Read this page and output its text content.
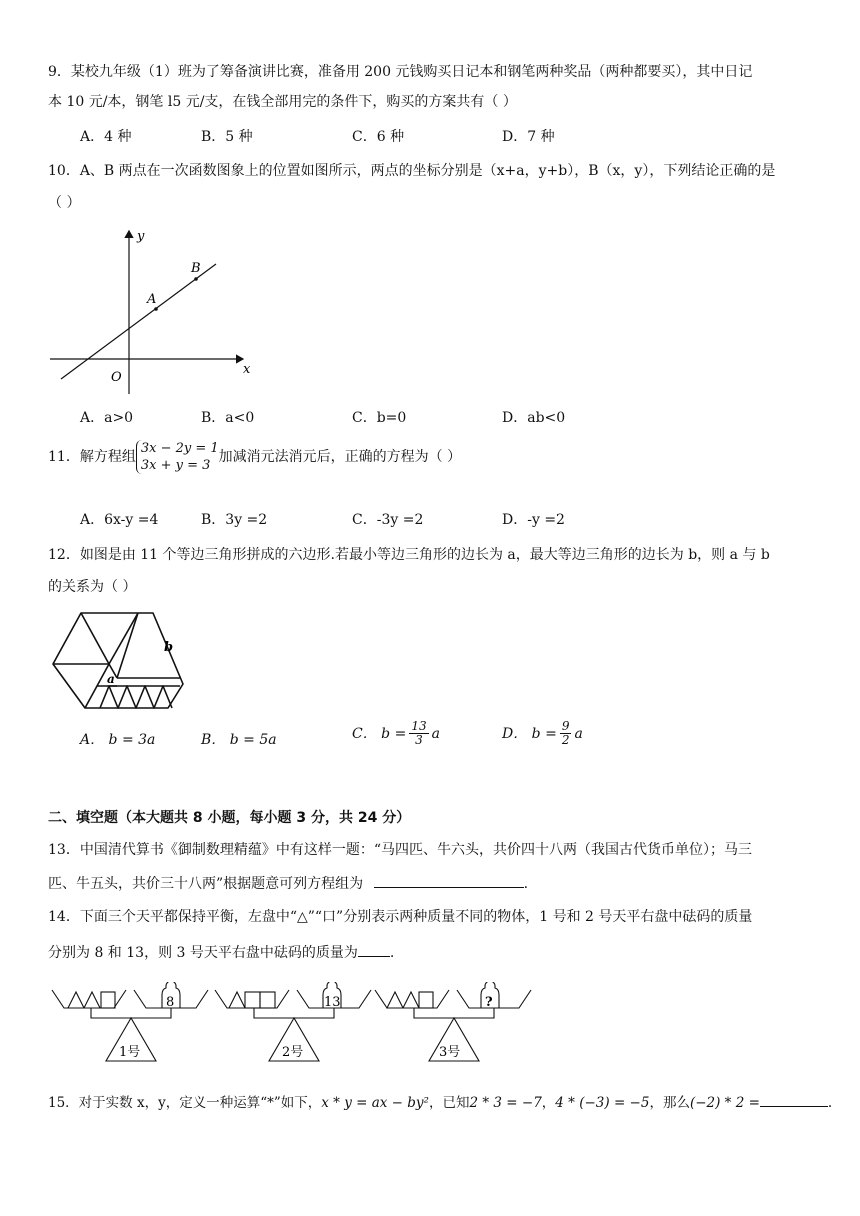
9．某校九年级（1）班为了筹备演讲比赛，准备用 200 元钱购买日记本和钢笔两种奖品（两种都要买），其中日记
本 10 元/本，钢笔 l5 元/支，在钱全部用完的条件下，购买的方案共有（ ）
A．4 种	B．5 种	C．6 种	D．7 种
10．A、B 两点在一次函数图象上的位置如图所示，两点的坐标分别是（x+a，y+b），B（x，y），下列结论正确的是
（ ）
y
x
O
A
B
A．a>0	B．a<0	C．b=0	D．ab<0
11．解方程组
3x − 2y = 1
3x + y = 3
加减消元法消元后，正确的方程为（ ）
A．6x-y =4	B．3y =2	C．-3y =2	D．-y =2
12．如图是由 11 个等边三角形拼成的六边形.若最小等边三角形的边长为 a，最大等边三角形的边长为 b，则 a 与 b
的关系为（ ）
a
b
A． b = 3a	B． b = 5a	C． $b = \frac{13}{3}$ a	D． $b = \frac{9}{2}$ a
二、填空题（本大题共 8 小题，每小题 3 分，共 24 分）
13．中国清代算书《御制数理精蕴》中有这样一题：“马四匹、牛六头，共价四十八两（我国古代货币单位）；马三
匹、牛五头，共价三十八两”根据题意可列方程组为	.
14．下面三个天平都保持平衡，左盘中“△”“口”分别表示两种质量不同的物体，1 号和 2 号天平右盘中砝码的质量
分别为 8 和 13，则 3 号天平右盘中砝码的质量为 .
8
1号
13
2号
?
3号
15．对于实数 x，y，定义一种运算“*”如下，x * y = ax − by²，已知2 * 3 = −7，4 * (−3) = −5，那么(−2) * 2 =	.
